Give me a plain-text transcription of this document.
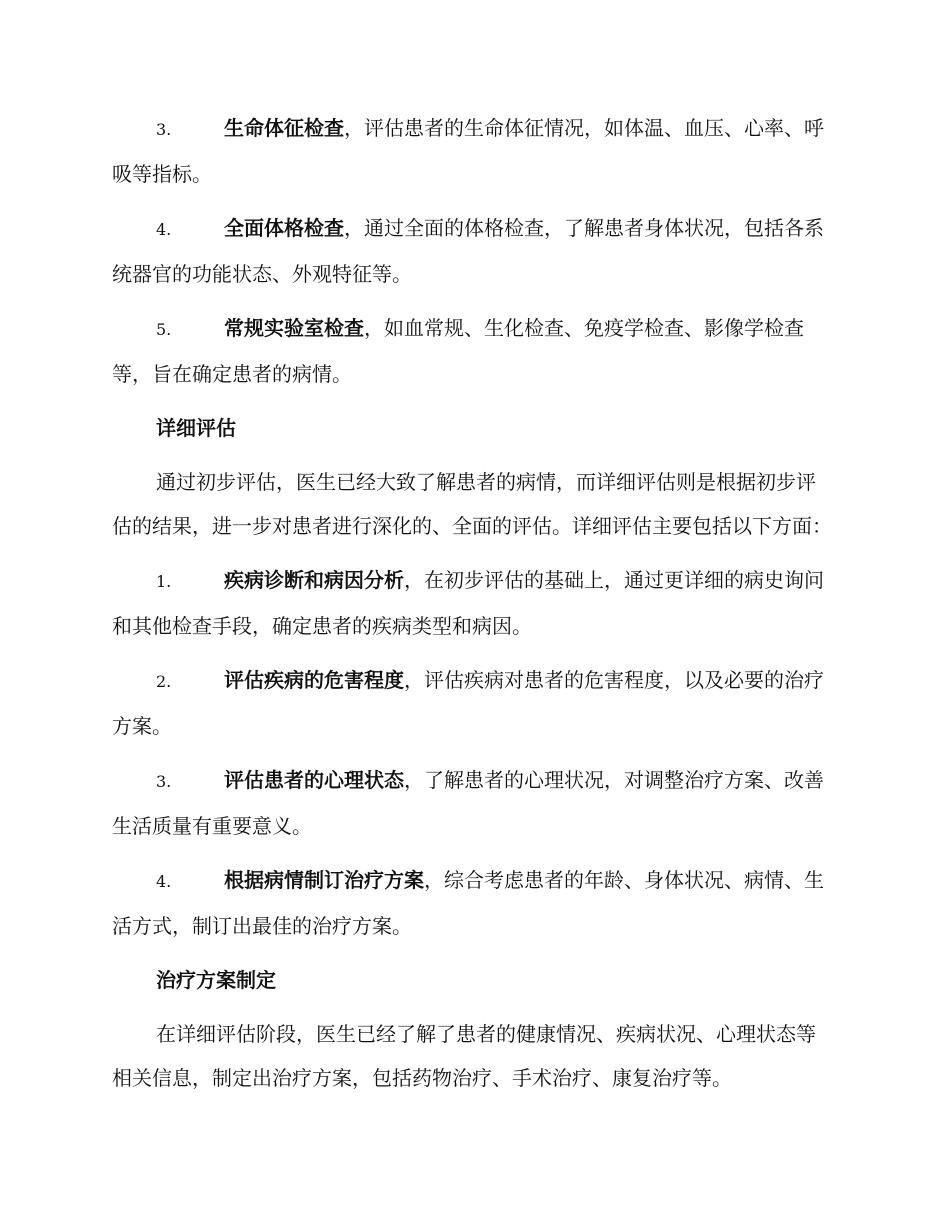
3.	生命体征检查，评估患者的生命体征情况，如体温、血压、心率、呼吸等指标。

4.	全面体格检查，通过全面的体格检查，了解患者身体状况，包括各系统器官的功能状态、外观特征等。

5.	常规实验室检查，如血常规、生化检查、免疫学检查、影像学检查等，旨在确定患者的病情。

详细评估

通过初步评估，医生已经大致了解患者的病情，而详细评估则是根据初步评估的结果，进一步对患者进行深化的、全面的评估。详细评估主要包括以下方面：

1.	疾病诊断和病因分析，在初步评估的基础上，通过更详细的病史询问和其他检查手段，确定患者的疾病类型和病因。

2.	评估疾病的危害程度，评估疾病对患者的危害程度，以及必要的治疗方案。

3.	评估患者的心理状态，了解患者的心理状况，对调整治疗方案、改善生活质量有重要意义。

4.	根据病情制订治疗方案，综合考虑患者的年龄、身体状况、病情、生活方式，制订出最佳的治疗方案。

治疗方案制定

在详细评估阶段，医生已经了解了患者的健康情况、疾病状况、心理状态等相关信息，制定出治疗方案，包括药物治疗、手术治疗、康复治疗等。
